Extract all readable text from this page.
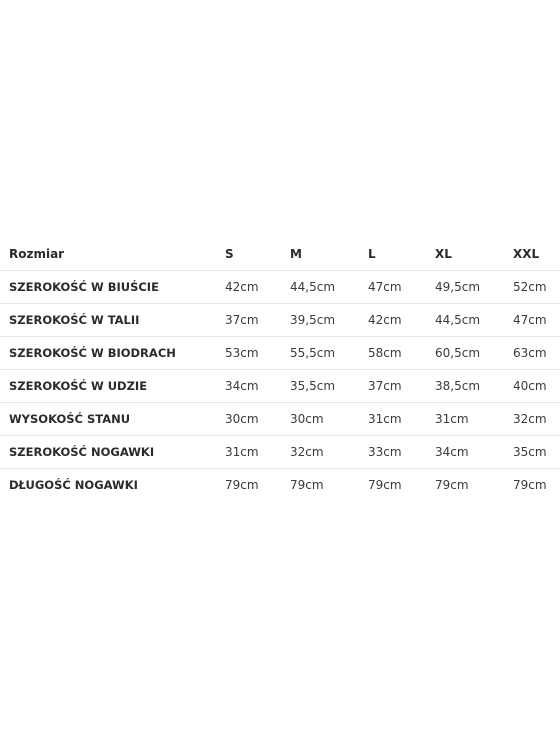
Rozmiar	S	M	L	XL	XXL
SZEROKOŚĆ W BIUŚCIE	42cm	44,5cm	47cm	49,5cm	52cm
SZEROKOŚĆ W TALII	37cm	39,5cm	42cm	44,5cm	47cm
SZEROKOŚĆ W BIODRACH	53cm	55,5cm	58cm	60,5cm	63cm
SZEROKOŚĆ W UDZIE	34cm	35,5cm	37cm	38,5cm	40cm
WYSOKOŚĆ STANU	30cm	30cm	31cm	31cm	32cm
SZEROKOŚĆ NOGAWKI	31cm	32cm	33cm	34cm	35cm
DŁUGOŚĆ NOGAWKI	79cm	79cm	79cm	79cm	79cm
